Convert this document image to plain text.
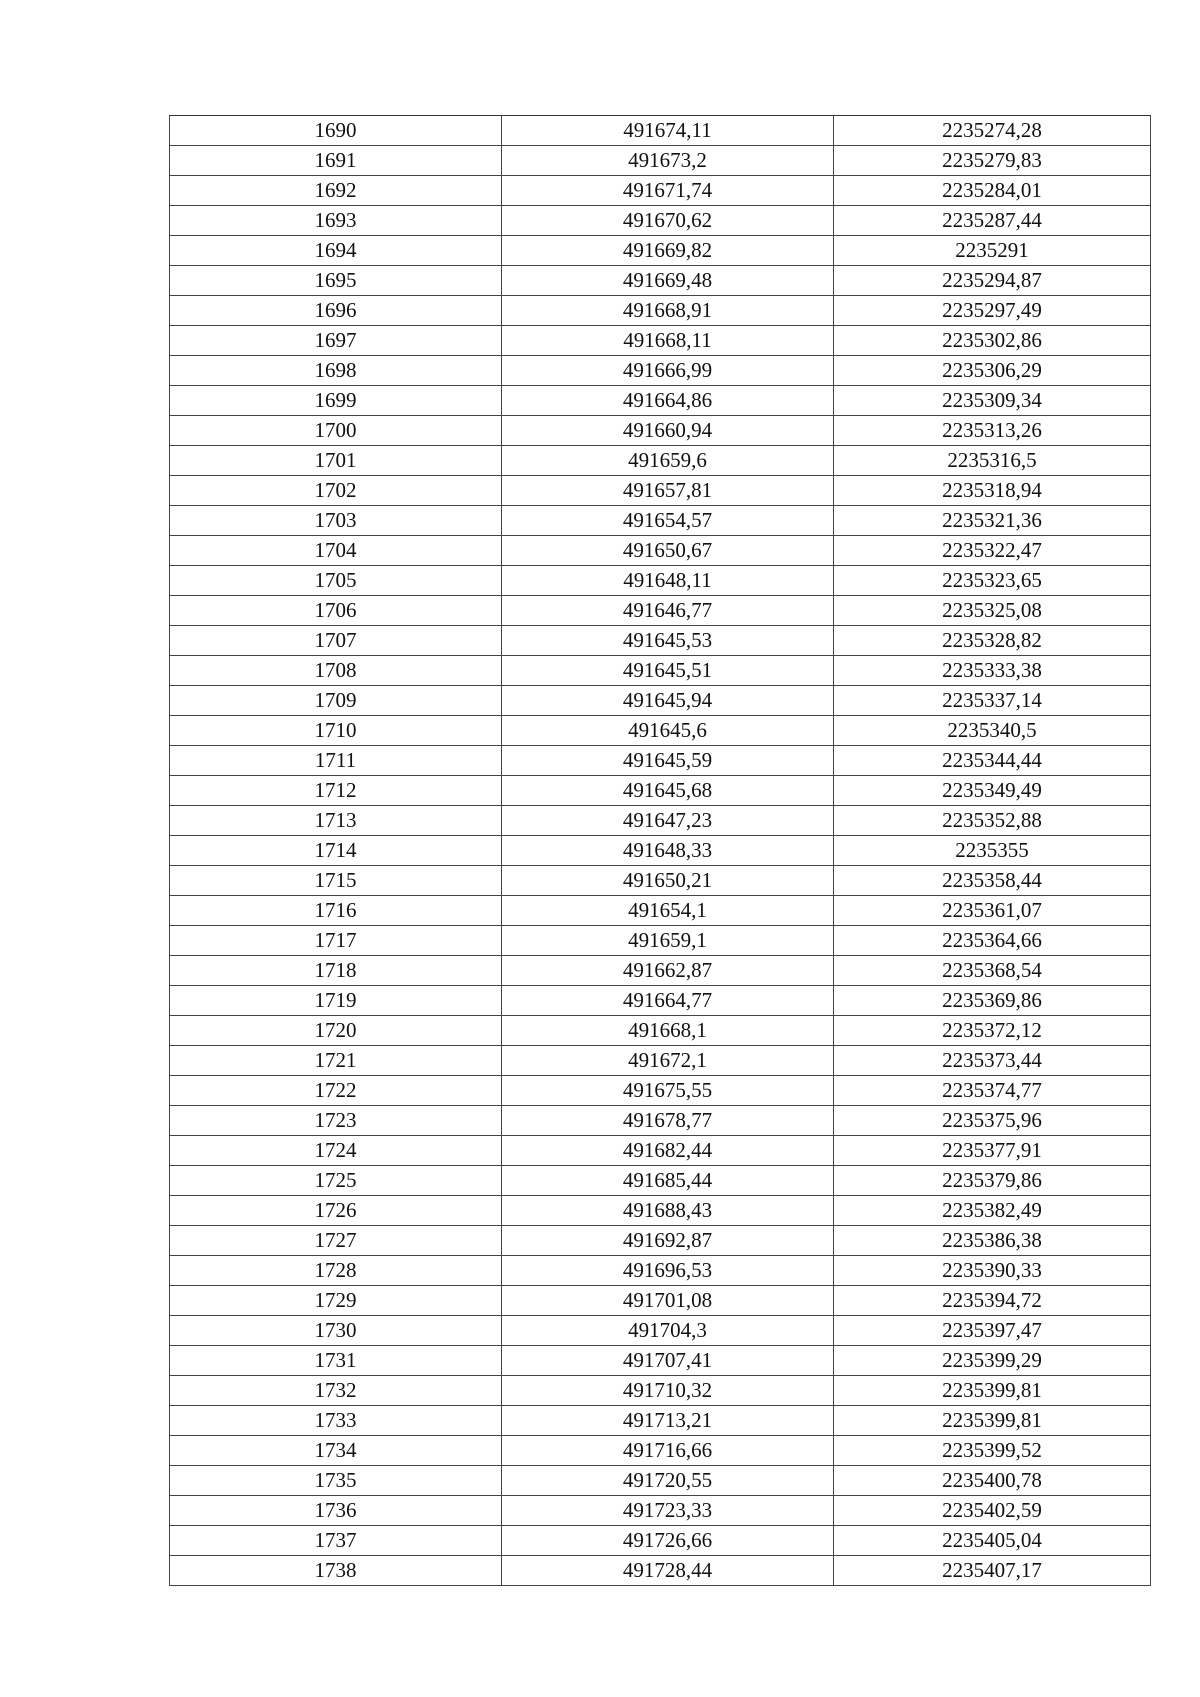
1690	491674,11	2235274,28
1691	491673,2	2235279,83
1692	491671,74	2235284,01
1693	491670,62	2235287,44
1694	491669,82	2235291
1695	491669,48	2235294,87
1696	491668,91	2235297,49
1697	491668,11	2235302,86
1698	491666,99	2235306,29
1699	491664,86	2235309,34
1700	491660,94	2235313,26
1701	491659,6	2235316,5
1702	491657,81	2235318,94
1703	491654,57	2235321,36
1704	491650,67	2235322,47
1705	491648,11	2235323,65
1706	491646,77	2235325,08
1707	491645,53	2235328,82
1708	491645,51	2235333,38
1709	491645,94	2235337,14
1710	491645,6	2235340,5
1711	491645,59	2235344,44
1712	491645,68	2235349,49
1713	491647,23	2235352,88
1714	491648,33	2235355
1715	491650,21	2235358,44
1716	491654,1	2235361,07
1717	491659,1	2235364,66
1718	491662,87	2235368,54
1719	491664,77	2235369,86
1720	491668,1	2235372,12
1721	491672,1	2235373,44
1722	491675,55	2235374,77
1723	491678,77	2235375,96
1724	491682,44	2235377,91
1725	491685,44	2235379,86
1726	491688,43	2235382,49
1727	491692,87	2235386,38
1728	491696,53	2235390,33
1729	491701,08	2235394,72
1730	491704,3	2235397,47
1731	491707,41	2235399,29
1732	491710,32	2235399,81
1733	491713,21	2235399,81
1734	491716,66	2235399,52
1735	491720,55	2235400,78
1736	491723,33	2235402,59
1737	491726,66	2235405,04
1738	491728,44	2235407,17
